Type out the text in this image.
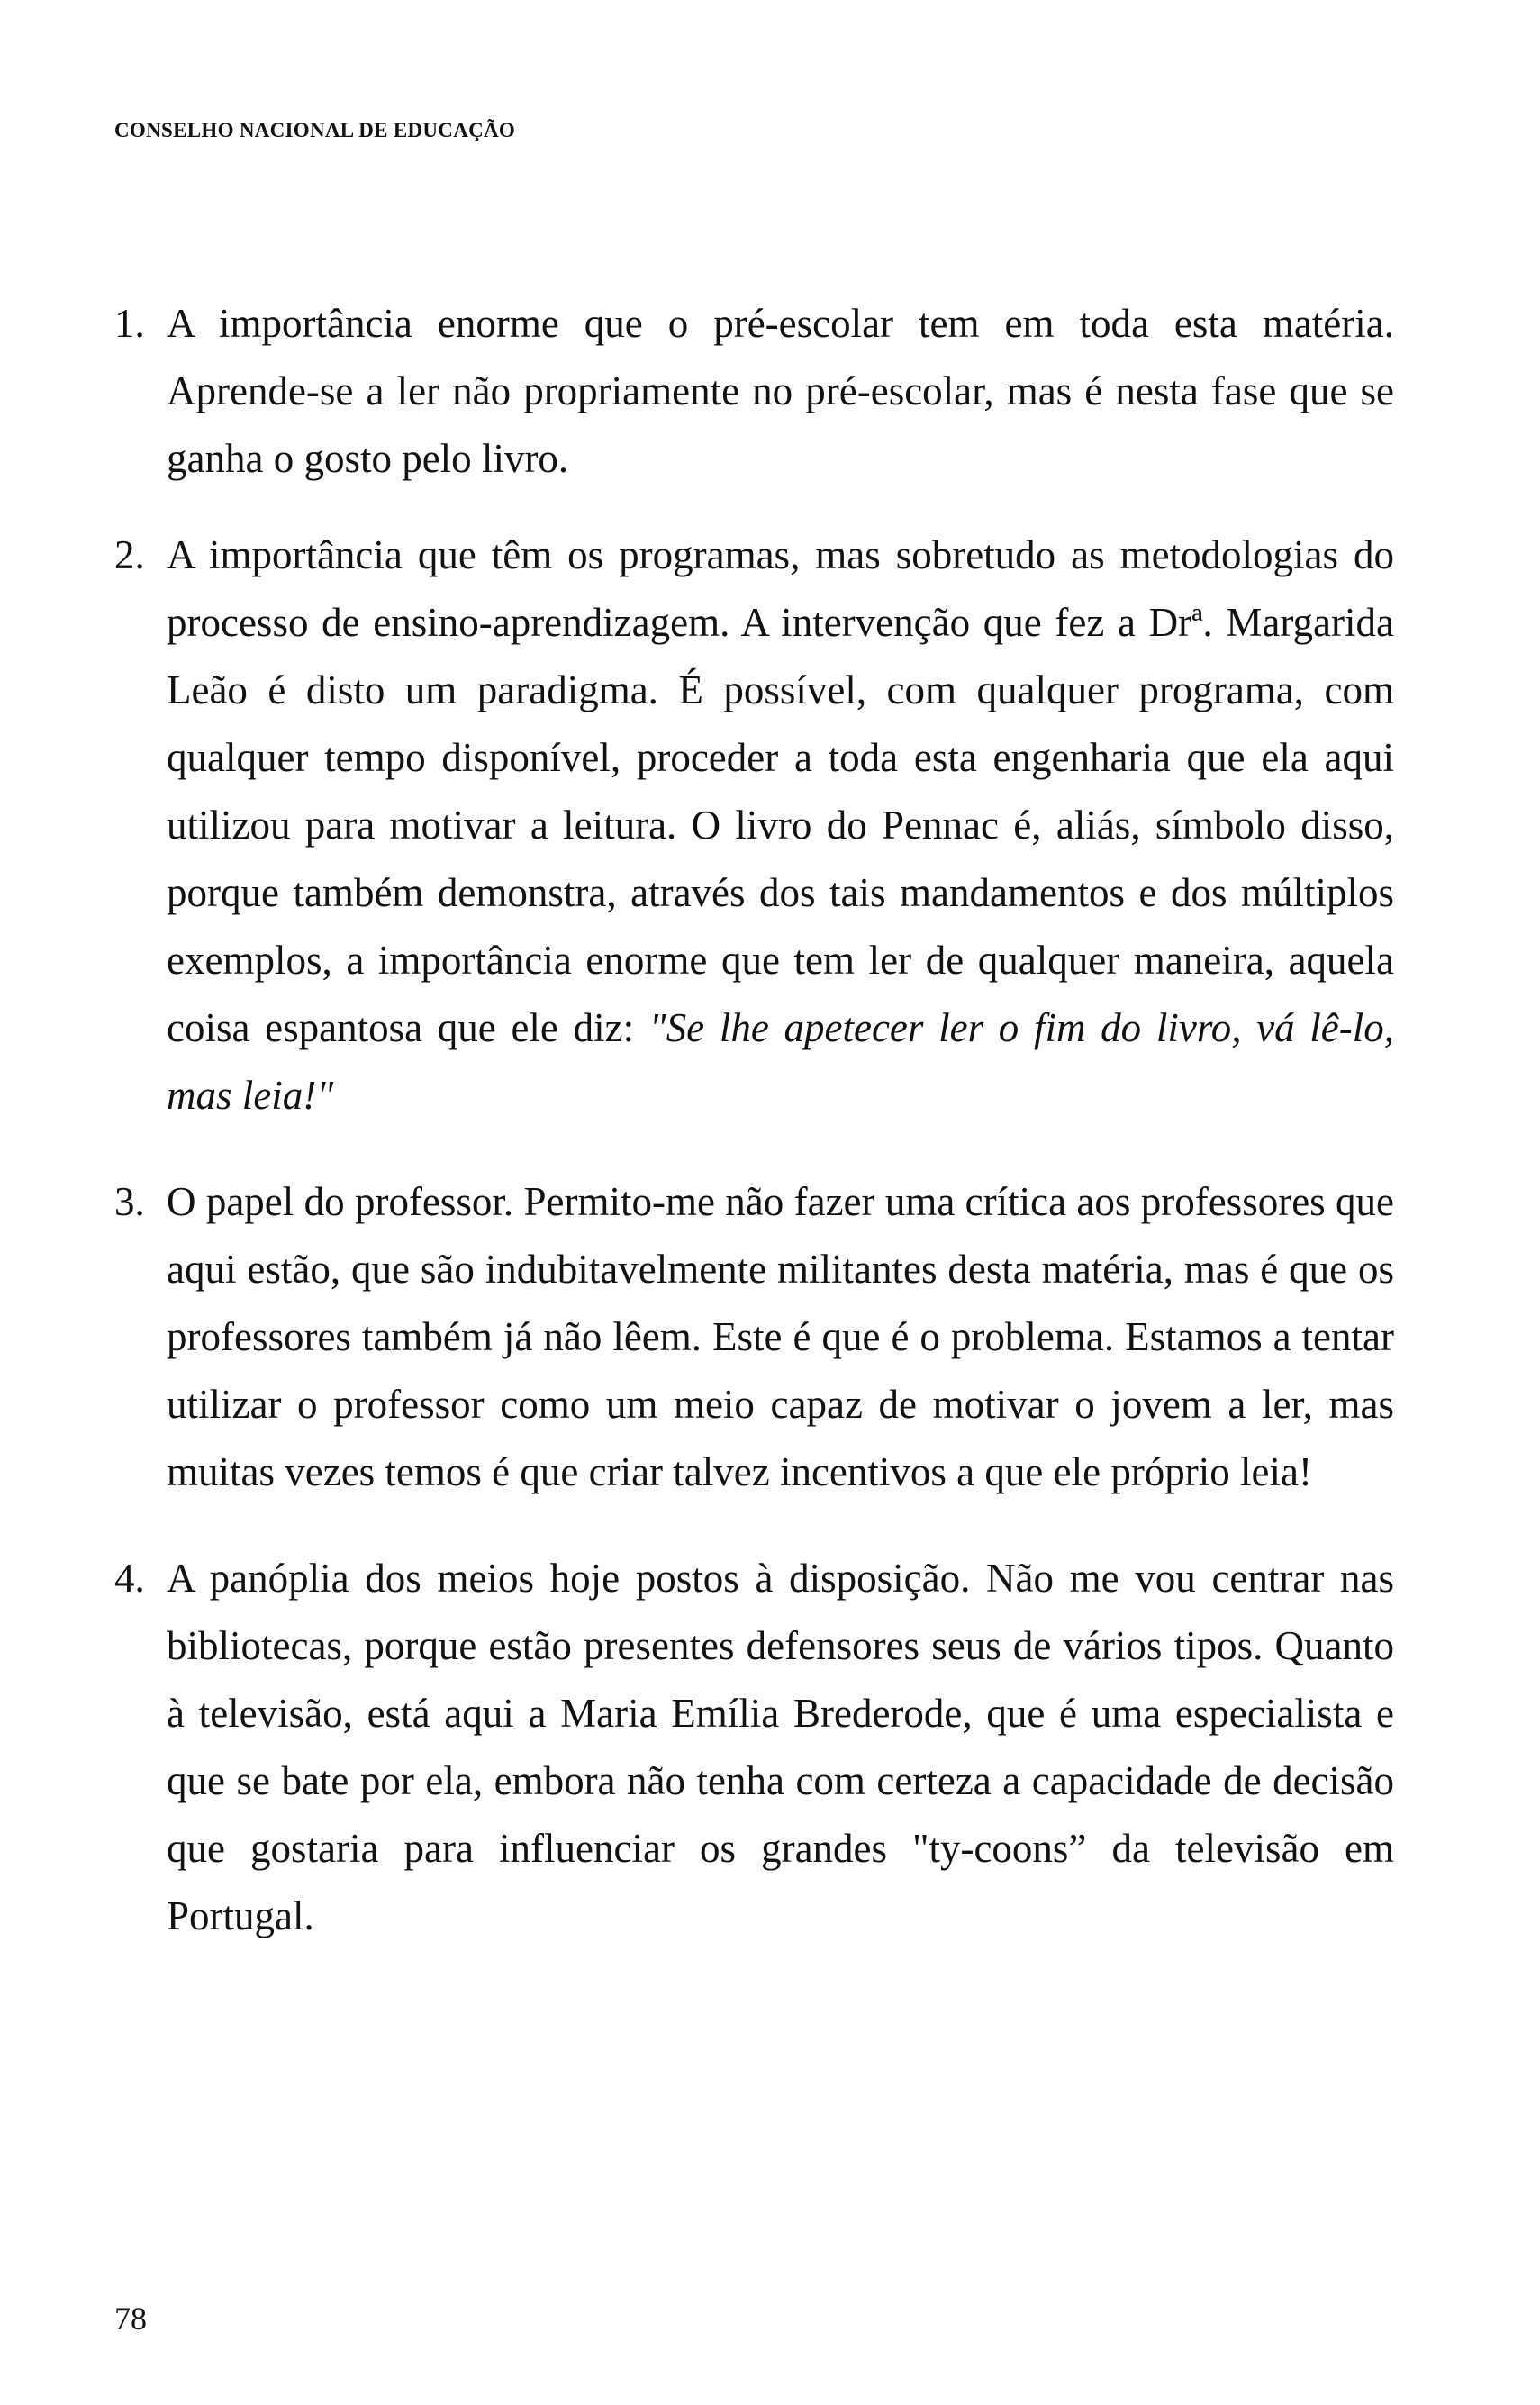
CONSELHO NACIONAL DE EDUCAÇÃO
1. A importância enorme que o pré-escolar tem em toda esta matéria. Aprende-se a ler não propriamente no pré-escolar, mas é nesta fase que se ganha o gosto pelo livro.

2. A importância que têm os programas, mas sobretudo as metodologias do processo de ensino-aprendizagem. A intervenção que fez a Drª. Margarida Leão é disto um paradigma. É possível, com qualquer programa, com qualquer tempo disponível, proceder a toda esta engenharia que ela aqui utilizou para motivar a leitura. O livro do Pennac é, aliás, símbolo disso, porque também demonstra, através dos tais mandamentos e dos múltiplos exemplos, a importância enorme que tem ler de qualquer maneira, aquela coisa espantosa que ele diz: "Se lhe apetecer ler o fim do livro, vá lê-lo, mas leia!"

3. O papel do professor. Permito-me não fazer uma crítica aos professores que aqui estão, que são indubitavelmente militantes desta matéria, mas é que os professores também já não lêem. Este é que é o problema. Estamos a tentar utilizar o professor como um meio capaz de motivar o jovem a ler, mas muitas vezes temos é que criar talvez incentivos a que ele próprio leia!

4. A panóplia dos meios hoje postos à disposição. Não me vou centrar nas bibliotecas, porque estão presentes defensores seus de vários tipos. Quanto à televisão, está aqui a Maria Emília Brederode, que é uma especialista e que se bate por ela, embora não tenha com certeza a capacidade de decisão que gostaria para influenciar os grandes "ty-coons” da televisão em Portugal.

78
